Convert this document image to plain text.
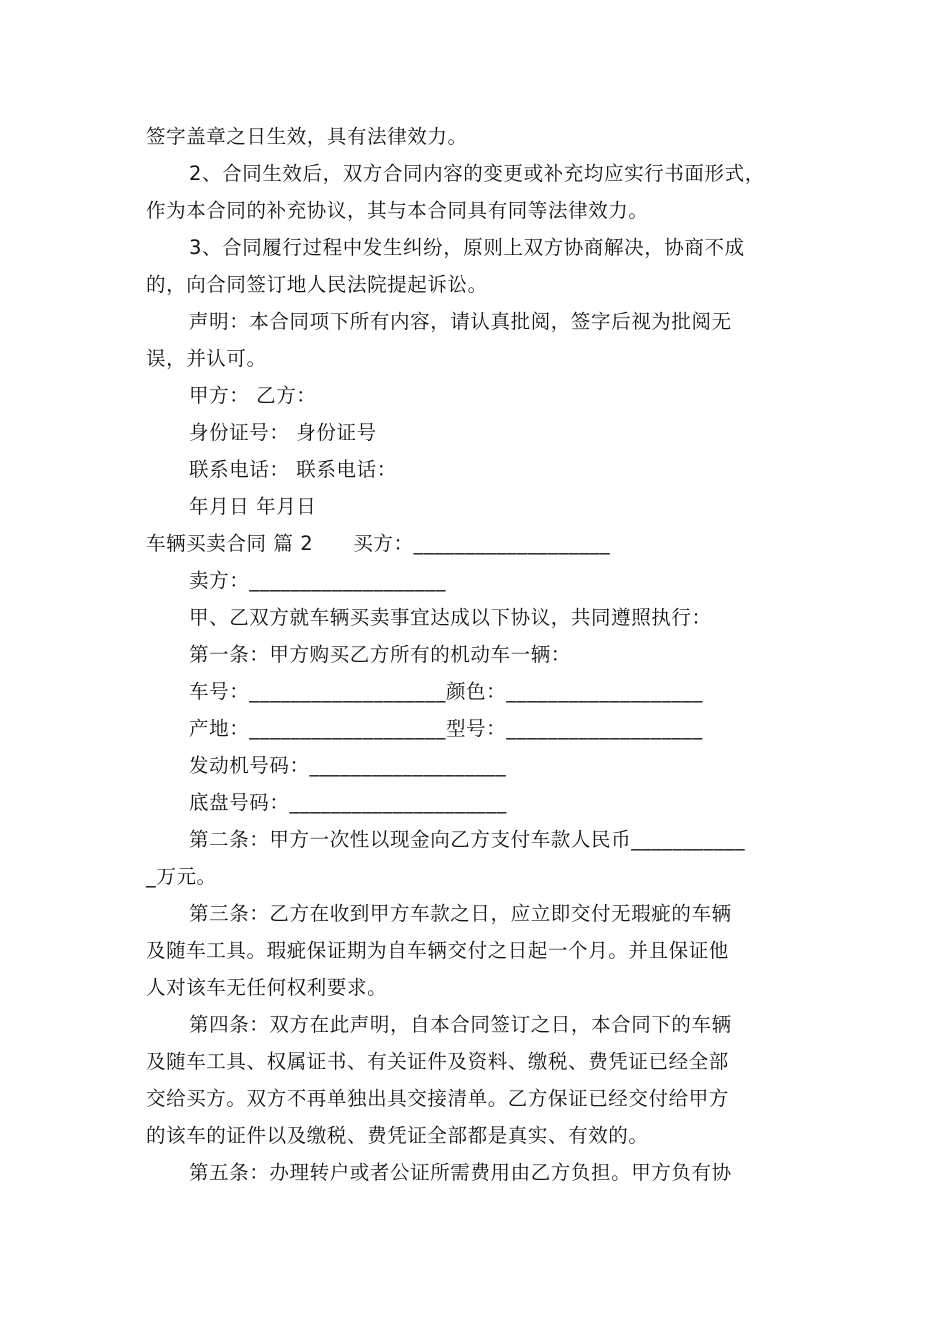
签字盖章之日生效，具有法律效力。
2、合同生效后，双方合同内容的变更或补充均应实行书面形式，
作为本合同的补充协议，其与本合同具有同等法律效力。
3、合同履行过程中发生纠纷，原则上双方协商解决，协商不成
的，向合同签订地人民法院提起诉讼。
声明：本合同项下所有内容，请认真批阅，签字后视为批阅无
误，并认可。
甲方： 乙方：
身份证号： 身份证号
联系电话： 联系电话：
年月日 年月日
车辆买卖合同 篇 2 买方：___________________
卖方：___________________
甲、乙双方就车辆买卖事宜达成以下协议，共同遵照执行：
第一条：甲方购买乙方所有的机动车一辆：
车号：___________________颜色：___________________
产地：___________________型号：___________________
发动机号码：___________________
底盘号码：_____________________
第二条：甲方一次性以现金向乙方支付车款人民币___________
_万元。
第三条：乙方在收到甲方车款之日，应立即交付无瑕疵的车辆
及随车工具。瑕疵保证期为自车辆交付之日起一个月。并且保证他
人对该车无任何权利要求。
第四条：双方在此声明，自本合同签订之日，本合同下的车辆
及随车工具、权属证书、有关证件及资料、缴税、费凭证已经全部
交给买方。双方不再单独出具交接清单。乙方保证已经交付给甲方
的该车的证件以及缴税、费凭证全部都是真实、有效的。
第五条：办理转户或者公证所需费用由乙方负担。甲方负有协
